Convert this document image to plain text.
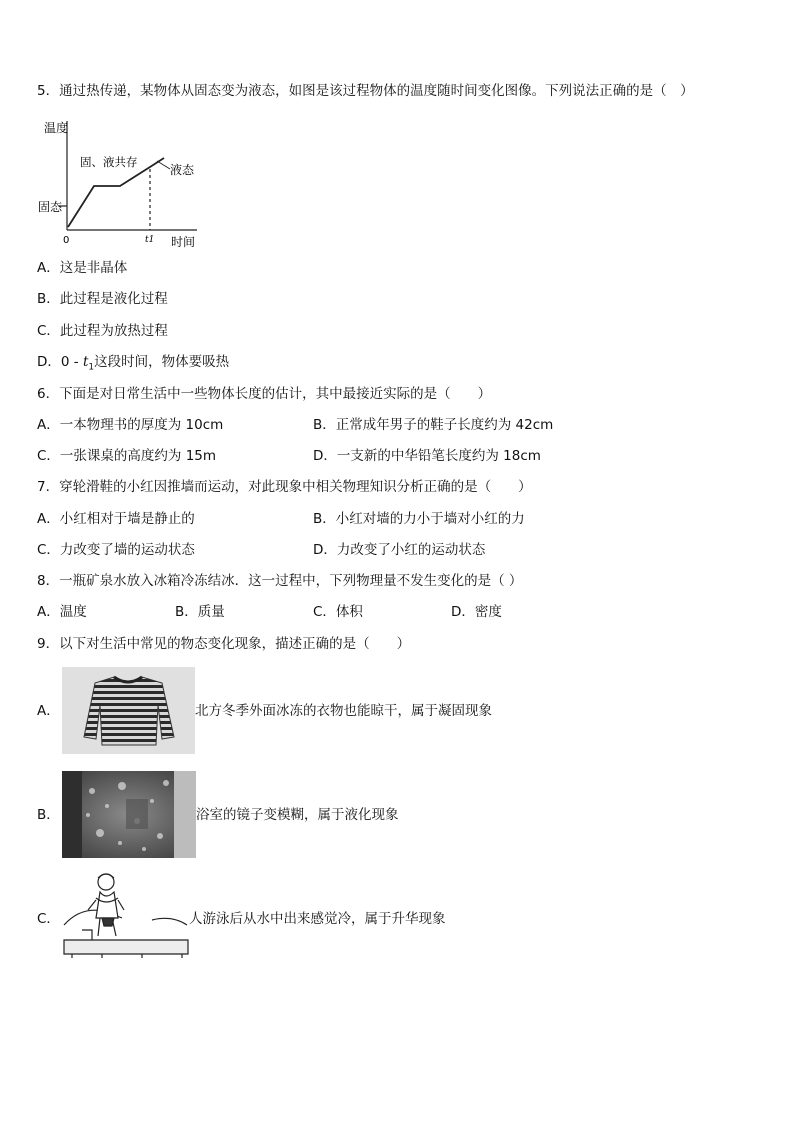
5．通过热传递，某物体从固态变为液态，如图是该过程物体的温度随时间变化图像。下列说法正确的是（　）
温度
时间
0
固态
固、液共存
液态
t1
A．这是非晶体
B．此过程是液化过程
C．此过程为放热过程
D．$0 - t_1$这段时间，物体要吸热
6．下面是对日常生活中一些物体长度的估计，其中最接近实际的是（　　）
A．一本物理书的厚度为 10cm	B．正常成年男子的鞋子长度约为 42cm
C．一张课桌的高度约为 15m	D．一支新的中华铅笔长度约为 18cm
7．穿轮滑鞋的小红因推墙而运动，对此现象中相关物理知识分析正确的是（　　）
A．小红相对于墙是静止的	B．小红对墙的力小于墙对小红的力
C．力改变了墙的运动状态	D．力改变了小红的运动状态
8．一瓶矿泉水放入冰箱冷冻结冰．这一过程中，下列物理量不发生变化的是（ ）
A．温度	B．质量	C．体积	D．密度
9．以下对生活中常见的物态变化现象，描述正确的是（　　）
A．	北方冬季外面冰冻的衣物也能晾干，属于凝固现象
B．	浴室的镜子变模糊，属于液化现象
C．	人游泳后从水中出来感觉冷，属于升华现象
